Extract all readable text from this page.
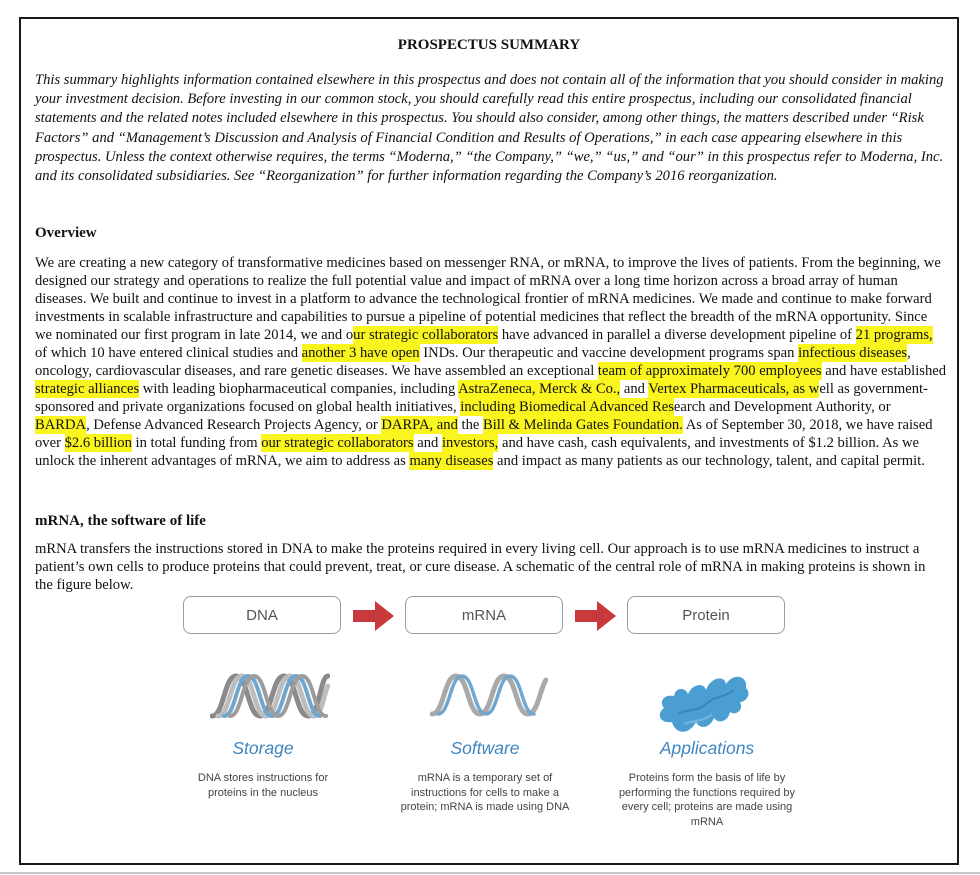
PROSPECTUS SUMMARY
This summary highlights information contained elsewhere in this prospectus and does not contain all of the information that you should consider in making your investment decision. Before investing in our common stock, you should carefully read this entire prospectus, including our consolidated financial statements and the related notes included elsewhere in this prospectus. You should also consider, among other things, the matters described under “Risk Factors” and “Management’s Discussion and Analysis of Financial Condition and Results of Operations,” in each case appearing elsewhere in this prospectus. Unless the context otherwise requires, the terms “Moderna,” “the Company,” “we,” “us,” and “our” in this prospectus refer to Moderna, Inc. and its consolidated subsidiaries. See “Reorganization” for further information regarding the Company’s 2016 reorganization.
Overview
We are creating a new category of transformative medicines based on messenger RNA, or mRNA, to improve the lives of patients. From the beginning, we designed our strategy and operations to realize the full potential value and impact of mRNA over a long time horizon across a broad array of human diseases. We built and continue to invest in a platform to advance the technological frontier of mRNA medicines. We made and continue to make forward investments in scalable infrastructure and capabilities to pursue a pipeline of potential medicines that reflect the breadth of the mRNA opportunity. Since we nominated our first program in late 2014, we and our strategic collaborators have advanced in parallel a diverse development pipeline of 21 programs, of which 10 have entered clinical studies and another 3 have open INDs. Our therapeutic and vaccine development programs span infectious diseases, oncology, cardiovascular diseases, and rare genetic diseases. We have assembled an exceptional team of approximately 700 employees and have established strategic alliances with leading biopharmaceutical companies, including AstraZeneca, Merck & Co., and Vertex Pharmaceuticals, as well as government-sponsored and private organizations focused on global health initiatives, including Biomedical Advanced Research and Development Authority, or BARDA, Defense Advanced Research Projects Agency, or DARPA, and the Bill & Melinda Gates Foundation. As of September 30, 2018, we have raised over $2.6 billion in total funding from our strategic collaborators and investors, and have cash, cash equivalents, and investments of $1.2 billion. As we unlock the inherent advantages of mRNA, we aim to address as many diseases and impact as many patients as our technology, talent, and capital permit.
mRNA, the software of life
mRNA transfers the instructions stored in DNA to make the proteins required in every living cell. Our approach is to use mRNA medicines to instruct a patient’s own cells to produce proteins that could prevent, treat, or cure disease. A schematic of the central role of mRNA in making proteins is shown in the figure below.
DNA	mRNA	Protein
Storage	Software	Applications
DNA stores instructions for proteins in the nucleus
mRNA is a temporary set of instructions for cells to make a protein; mRNA is made using DNA
Proteins form the basis of life by performing the functions required by every cell; proteins are made using mRNA
